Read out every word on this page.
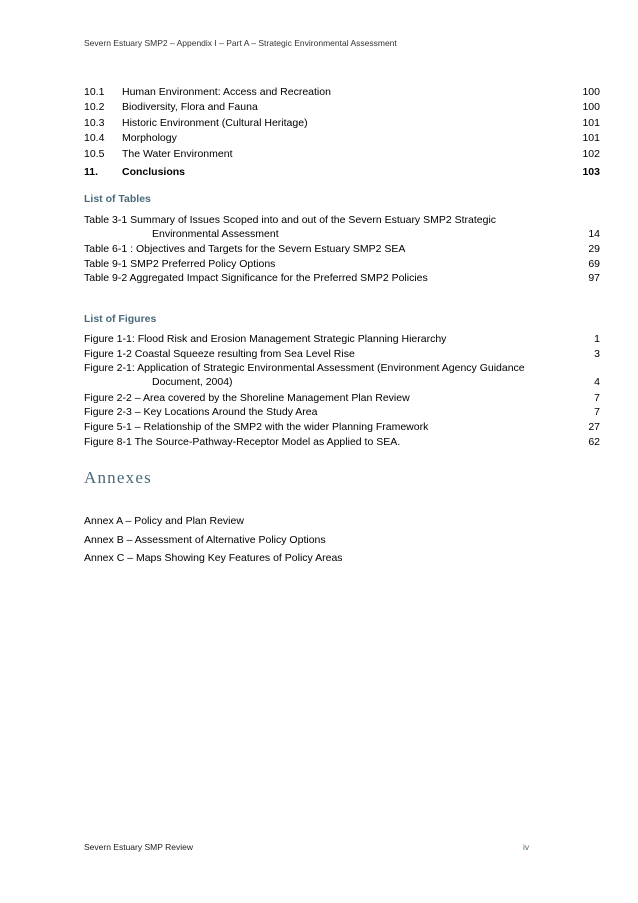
Severn Estuary SMP2 – Appendix I – Part A – Strategic Environmental Assessment
10.1 Human Environment: Access and Recreation	100
10.2 Biodiversity, Flora and Fauna	100
10.3 Historic Environment (Cultural Heritage)	101
10.4 Morphology	101
10.5 The Water Environment	102
11. Conclusions	103
List of Tables
Table 3-1 Summary of Issues Scoped into and out of the Severn Estuary SMP2 Strategic
Environmental Assessment	14
Table 6-1 : Objectives and Targets for the Severn Estuary SMP2 SEA	29
Table 9-1 SMP2 Preferred Policy Options	69
Table 9-2 Aggregated Impact Significance for the Preferred SMP2 Policies	97
List of Figures
Figure 1-1: Flood Risk and Erosion Management Strategic Planning Hierarchy	1
Figure 1-2 Coastal Squeeze resulting from Sea Level Rise	3
Figure 2-1: Application of Strategic Environmental Assessment (Environment Agency Guidance
Document, 2004)	4
Figure 2-2 – Area covered by the Shoreline Management Plan Review	7
Figure 2-3 – Key Locations Around the Study Area	7
Figure 5-1 – Relationship of the SMP2 with the wider Planning Framework	27
Figure 8-1 The Source-Pathway-Receptor Model as Applied to SEA.	62
Annexes
Annex A – Policy and Plan Review
Annex B – Assessment of Alternative Policy Options
Annex C – Maps Showing Key Features of Policy Areas
Severn Estuary SMP Review	iv
